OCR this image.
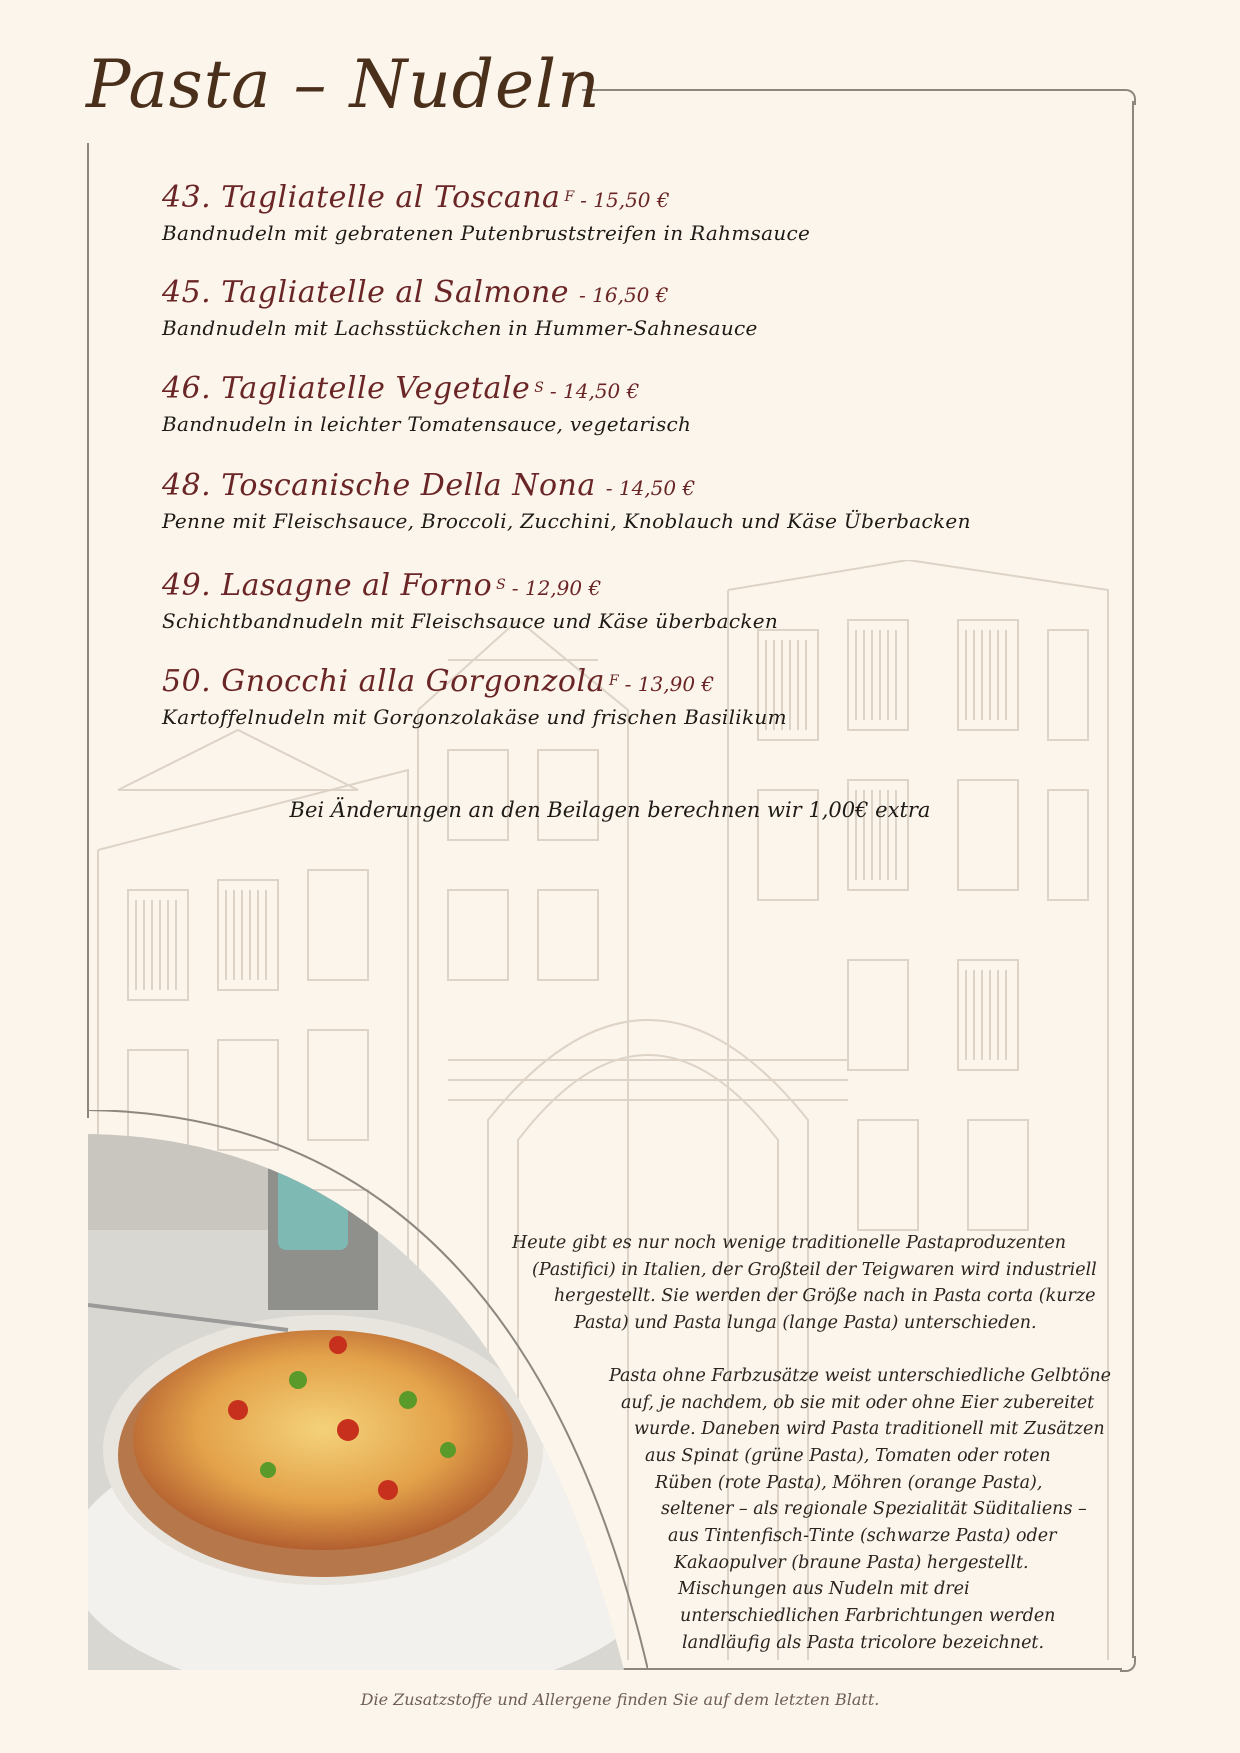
Pasta – Nudeln
43. Tagliatelle al Toscana F - 15,50 €
Bandnudeln mit gebratenen Putenbruststreifen in Rahmsauce
45. Tagliatelle al Salmone - 16,50 €
Bandnudeln mit Lachsstückchen in Hummer-Sahnesauce
46. Tagliatelle Vegetale S - 14,50 €
Bandnudeln in leichter Tomatensauce, vegetarisch
48. Toscanische Della Nona - 14,50 €
Penne mit Fleischsauce, Broccoli, Zucchini, Knoblauch und Käse Überbacken
49. Lasagne al Forno S - 12,90 €
Schichtbandnudeln mit Fleischsauce und Käse überbacken
50. Gnocchi alla Gorgonzola F - 13,90 €
Kartoffelnudeln mit Gorgonzolakäse und frischen Basilikum
Bei Änderungen an den Beilagen berechnen wir 1,00€ extra
Heute gibt es nur noch wenige traditionelle Pastaproduzenten
(Pastifici) in Italien, der Großteil der Teigwaren wird industriell
hergestellt. Sie werden der Größe nach in Pasta corta (kurze
Pasta) und Pasta lunga (lange Pasta) unterschieden.
Pasta ohne Farbzusätze weist unterschiedliche Gelbtöne
auf, je nachdem, ob sie mit oder ohne Eier zubereitet
wurde. Daneben wird Pasta traditionell mit Zusätzen
aus Spinat (grüne Pasta), Tomaten oder roten
Rüben (rote Pasta), Möhren (orange Pasta),
seltener – als regionale Spezialität Süditaliens –
aus Tintenfisch-Tinte (schwarze Pasta) oder
Kakaopulver (braune Pasta) hergestellt.
Mischungen aus Nudeln mit drei
unterschiedlichen Farbrichtungen werden
landläufig als Pasta tricolore bezeichnet.
Die Zusatzstoffe und Allergene finden Sie auf dem letzten Blatt.
